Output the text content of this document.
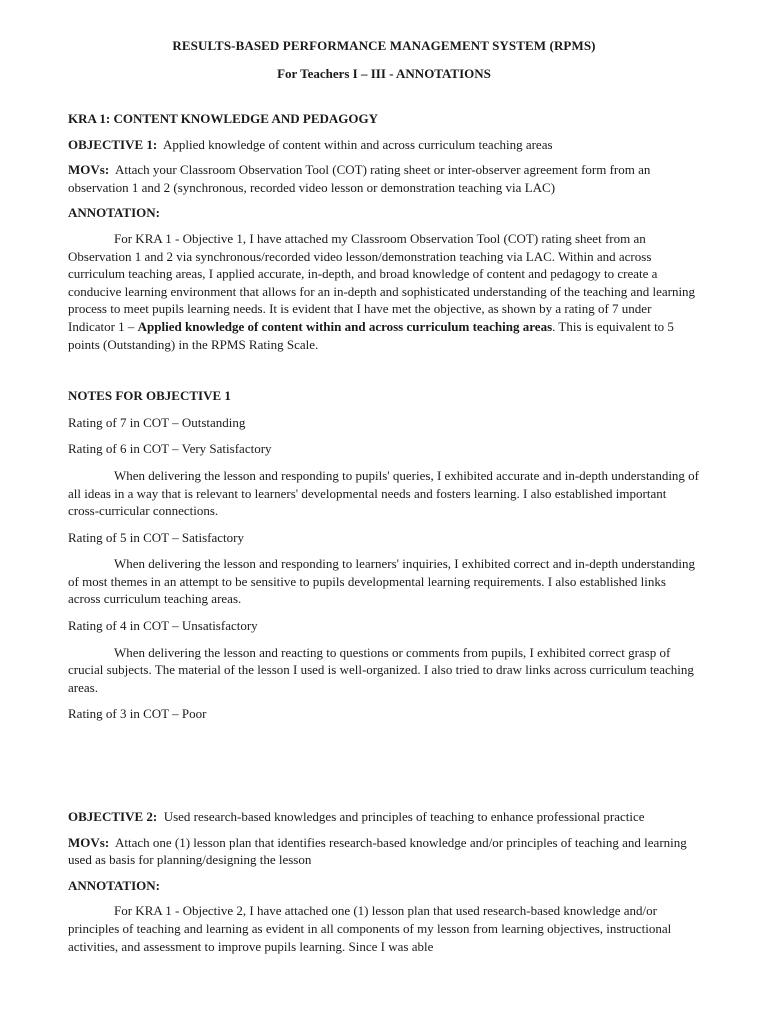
RESULTS-BASED PERFORMANCE MANAGEMENT SYSTEM (RPMS)
For Teachers I – III - ANNOTATIONS

KRA 1: CONTENT KNOWLEDGE AND PEDAGOGY

OBJECTIVE 1: Applied knowledge of content within and across curriculum teaching areas

MOVs: Attach your Classroom Observation Tool (COT) rating sheet or inter-observer agreement form from an observation 1 and 2 (synchronous, recorded video lesson or demonstration teaching via LAC)

ANNOTATION:

For KRA 1 - Objective 1, I have attached my Classroom Observation Tool (COT) rating sheet from an Observation 1 and 2 via synchronous/recorded video lesson/demonstration teaching via LAC. Within and across curriculum teaching areas, I applied accurate, in-depth, and broad knowledge of content and pedagogy to create a conducive learning environment that allows for an in-depth and sophisticated understanding of the teaching and learning process to meet pupils learning needs. It is evident that I have met the objective, as shown by a rating of 7 under Indicator 1 – Applied knowledge of content within and across curriculum teaching areas. This is equivalent to 5 points (Outstanding) in the RPMS Rating Scale.

NOTES FOR OBJECTIVE 1

Rating of 7 in COT – Outstanding

Rating of 6 in COT – Very Satisfactory

When delivering the lesson and responding to pupils' queries, I exhibited accurate and in-depth understanding of all ideas in a way that is relevant to learners' developmental needs and fosters learning. I also established important cross-curricular connections.

Rating of 5 in COT – Satisfactory

When delivering the lesson and responding to learners' inquiries, I exhibited correct and in-depth understanding of most themes in an attempt to be sensitive to pupils developmental learning requirements. I also established links across curriculum teaching areas.

Rating of 4 in COT – Unsatisfactory

When delivering the lesson and reacting to questions or comments from pupils, I exhibited correct grasp of crucial subjects. The material of the lesson I used is well-organized. I also tried to draw links across curriculum teaching areas.

Rating of 3 in COT – Poor

OBJECTIVE 2: Used research-based knowledges and principles of teaching to enhance professional practice

MOVs: Attach one (1) lesson plan that identifies research-based knowledge and/or principles of teaching and learning used as basis for planning/designing the lesson

ANNOTATION:

For KRA 1 - Objective 2, I have attached one (1) lesson plan that used research-based knowledge and/or principles of teaching and learning as evident in all components of my lesson from learning objectives, instructional activities, and assessment to improve pupils learning. Since I was able
